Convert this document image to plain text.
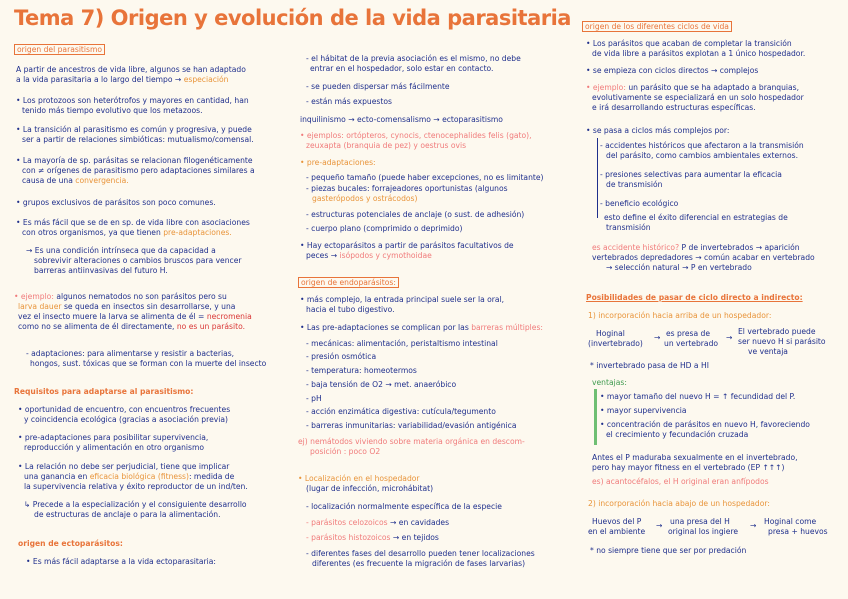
Tema 7) Origen y evolución de la vida parasitaria
origen del parasitismo
A partir de ancestros de vida libre, algunos se han adaptado
a la vida parasitaria a lo largo del tiempo → especiación
• Los protozoos son heterótrofos y mayores en cantidad, han
tenido más tiempo evolutivo que los metazoos.
• La transición al parasitismo es común y progresiva, y puede
ser a partir de relaciones simbióticas: mutualismo/comensal.
• La mayoría de sp. parásitas se relacionan filogenéticamente
con ≠ orígenes de parasitismo pero adaptaciones similares a
causa de una convergencia.
• grupos exclusivos de parásitos son poco comunes.
• Es más fácil que se de en sp. de vida libre con asociaciones
con otros organismos, ya que tienen pre-adaptaciones.
→ Es una condición intrínseca que da capacidad a
sobrevivir alteraciones o cambios bruscos para vencer
barreras antiinvasivas del futuro H.
• ejemplo: algunos nematodos no son parásitos pero su
larva dauer se queda en insectos sin desarrollarse, y una
vez el insecto muere la larva se alimenta de él = necromenia
como no se alimenta de él directamente, no es un parásito.
- adaptaciones: para alimentarse y resistir a bacterias,
hongos, sust. tóxicas que se forman con la muerte del insecto
Requisitos para adaptarse al parasitismo:
• oportunidad de encuentro, con encuentros frecuentes
y coincidencia ecológica (gracias a asociación previa)
• pre-adaptaciones para posibilitar supervivencia,
reproducción y alimentación en otro organismo
• La relación no debe ser perjudicial, tiene que implicar
una ganancia en eficacia biológica (fitness): medida de
la supervivencia relativa y éxito reproductor de un ind/ten.
↳ Precede a la especialización y el consiguiente desarrollo
de estructuras de anclaje o para la alimentación.
origen de ectoparásitos:
• Es más fácil adaptarse a la vida ectoparasitaria:
- el hábitat de la previa asociación es el mismo, no debe
entrar en el hospedador, solo estar en contacto.
- se pueden dispersar más fácilmente
- están más expuestos
inquilinismo → ecto-comensalismo → ectoparasitismo
• ejemplos: ortópteros, cynocis, ctenocephalides felis (gato),
zeuxapta (branquia de pez) y oestrus ovis
• pre-adaptaciones:
- pequeño tamaño (puede haber excepciones, no es limitante)
- piezas bucales: forrajeadores oportunistas (algunos
gasterópodos y ostrácodos)
- estructuras potenciales de anclaje (o sust. de adhesión)
- cuerpo plano (comprimido o deprimido)
• Hay ectoparásitos a partir de parásitos facultativos de
peces → isópodos y cymothoidae
origen de endoparásitos:
• más complejo, la entrada principal suele ser la oral,
hacia el tubo digestivo.
• Las pre-adaptaciones se complican por las barreras múltiples:
- mecánicas: alimentación, peristaltismo intestinal
- presión osmótica
- temperatura: homeotermos
- baja tensión de O2 → met. anaeróbico
- pH
- acción enzimática digestiva: cutícula/tegumento
- barreras inmunitarias: variabilidad/evasión antigénica
ej) nemátodos viviendo sobre materia orgánica en descom-
posición : poco O2
• Localización en el hospedador
(lugar de infección, microhábitat)
- localización normalmente específica de la especie
- parásitos celozoicos → en cavidades
- parásitos histozoicos → en tejidos
- diferentes fases del desarrollo pueden tener localizaciones
diferentes (es frecuente la migración de fases larvarias)
origen de los diferentes ciclos de vida
• Los parásitos que acaban de completar la transición
de vida libre a parásitos explotan a 1 único hospedador.
• se empieza con ciclos directos → complejos
• ejemplo: un parásito que se ha adaptado a branquias,
evolutivamente se especializará en un solo hospedador
e irá desarrollando estructuras específicas.
• se pasa a ciclos más complejos por:
- accidentes históricos que afectaron a la transmisión
del parásito, como cambios ambientales externos.
- presiones selectivas para aumentar la eficacia
de transmisión
- beneficio ecológico
esto define el éxito diferencial en estrategias de
transmisión
es accidente histórico? P de invertebrados → aparición
vertebrados depredadores → común acabar en vertebrado
→ selección natural → P en vertebrado
Posibilidades de pasar de ciclo directo a indirecto:
1) incorporación hacia arriba de un hospedador:
Hoginal
(invertebrado)
→ es presa de
un vertebrado
→
El vertebrado puede
ser nuevo H si parásito
ve ventaja
* invertebrado pasa de HD a HI
ventajas:
• mayor tamaño del nuevo H = ↑ fecundidad del P.
• mayor supervivencia
• concentración de parásitos en nuevo H, favoreciendo
el crecimiento y fecundación cruzada
Antes el P maduraba sexualmente en el invertebrado,
pero hay mayor fitness en el vertebrado (EP ↑↑↑)
es) acantocéfalos, el H original eran anfípodos
2) incorporación hacia abajo de un hospedador:
Huevos del P
en el ambiente
→ una presa del H
original los ingiere
→ Hoginal come
presa + huevos
* no siempre tiene que ser por predación
